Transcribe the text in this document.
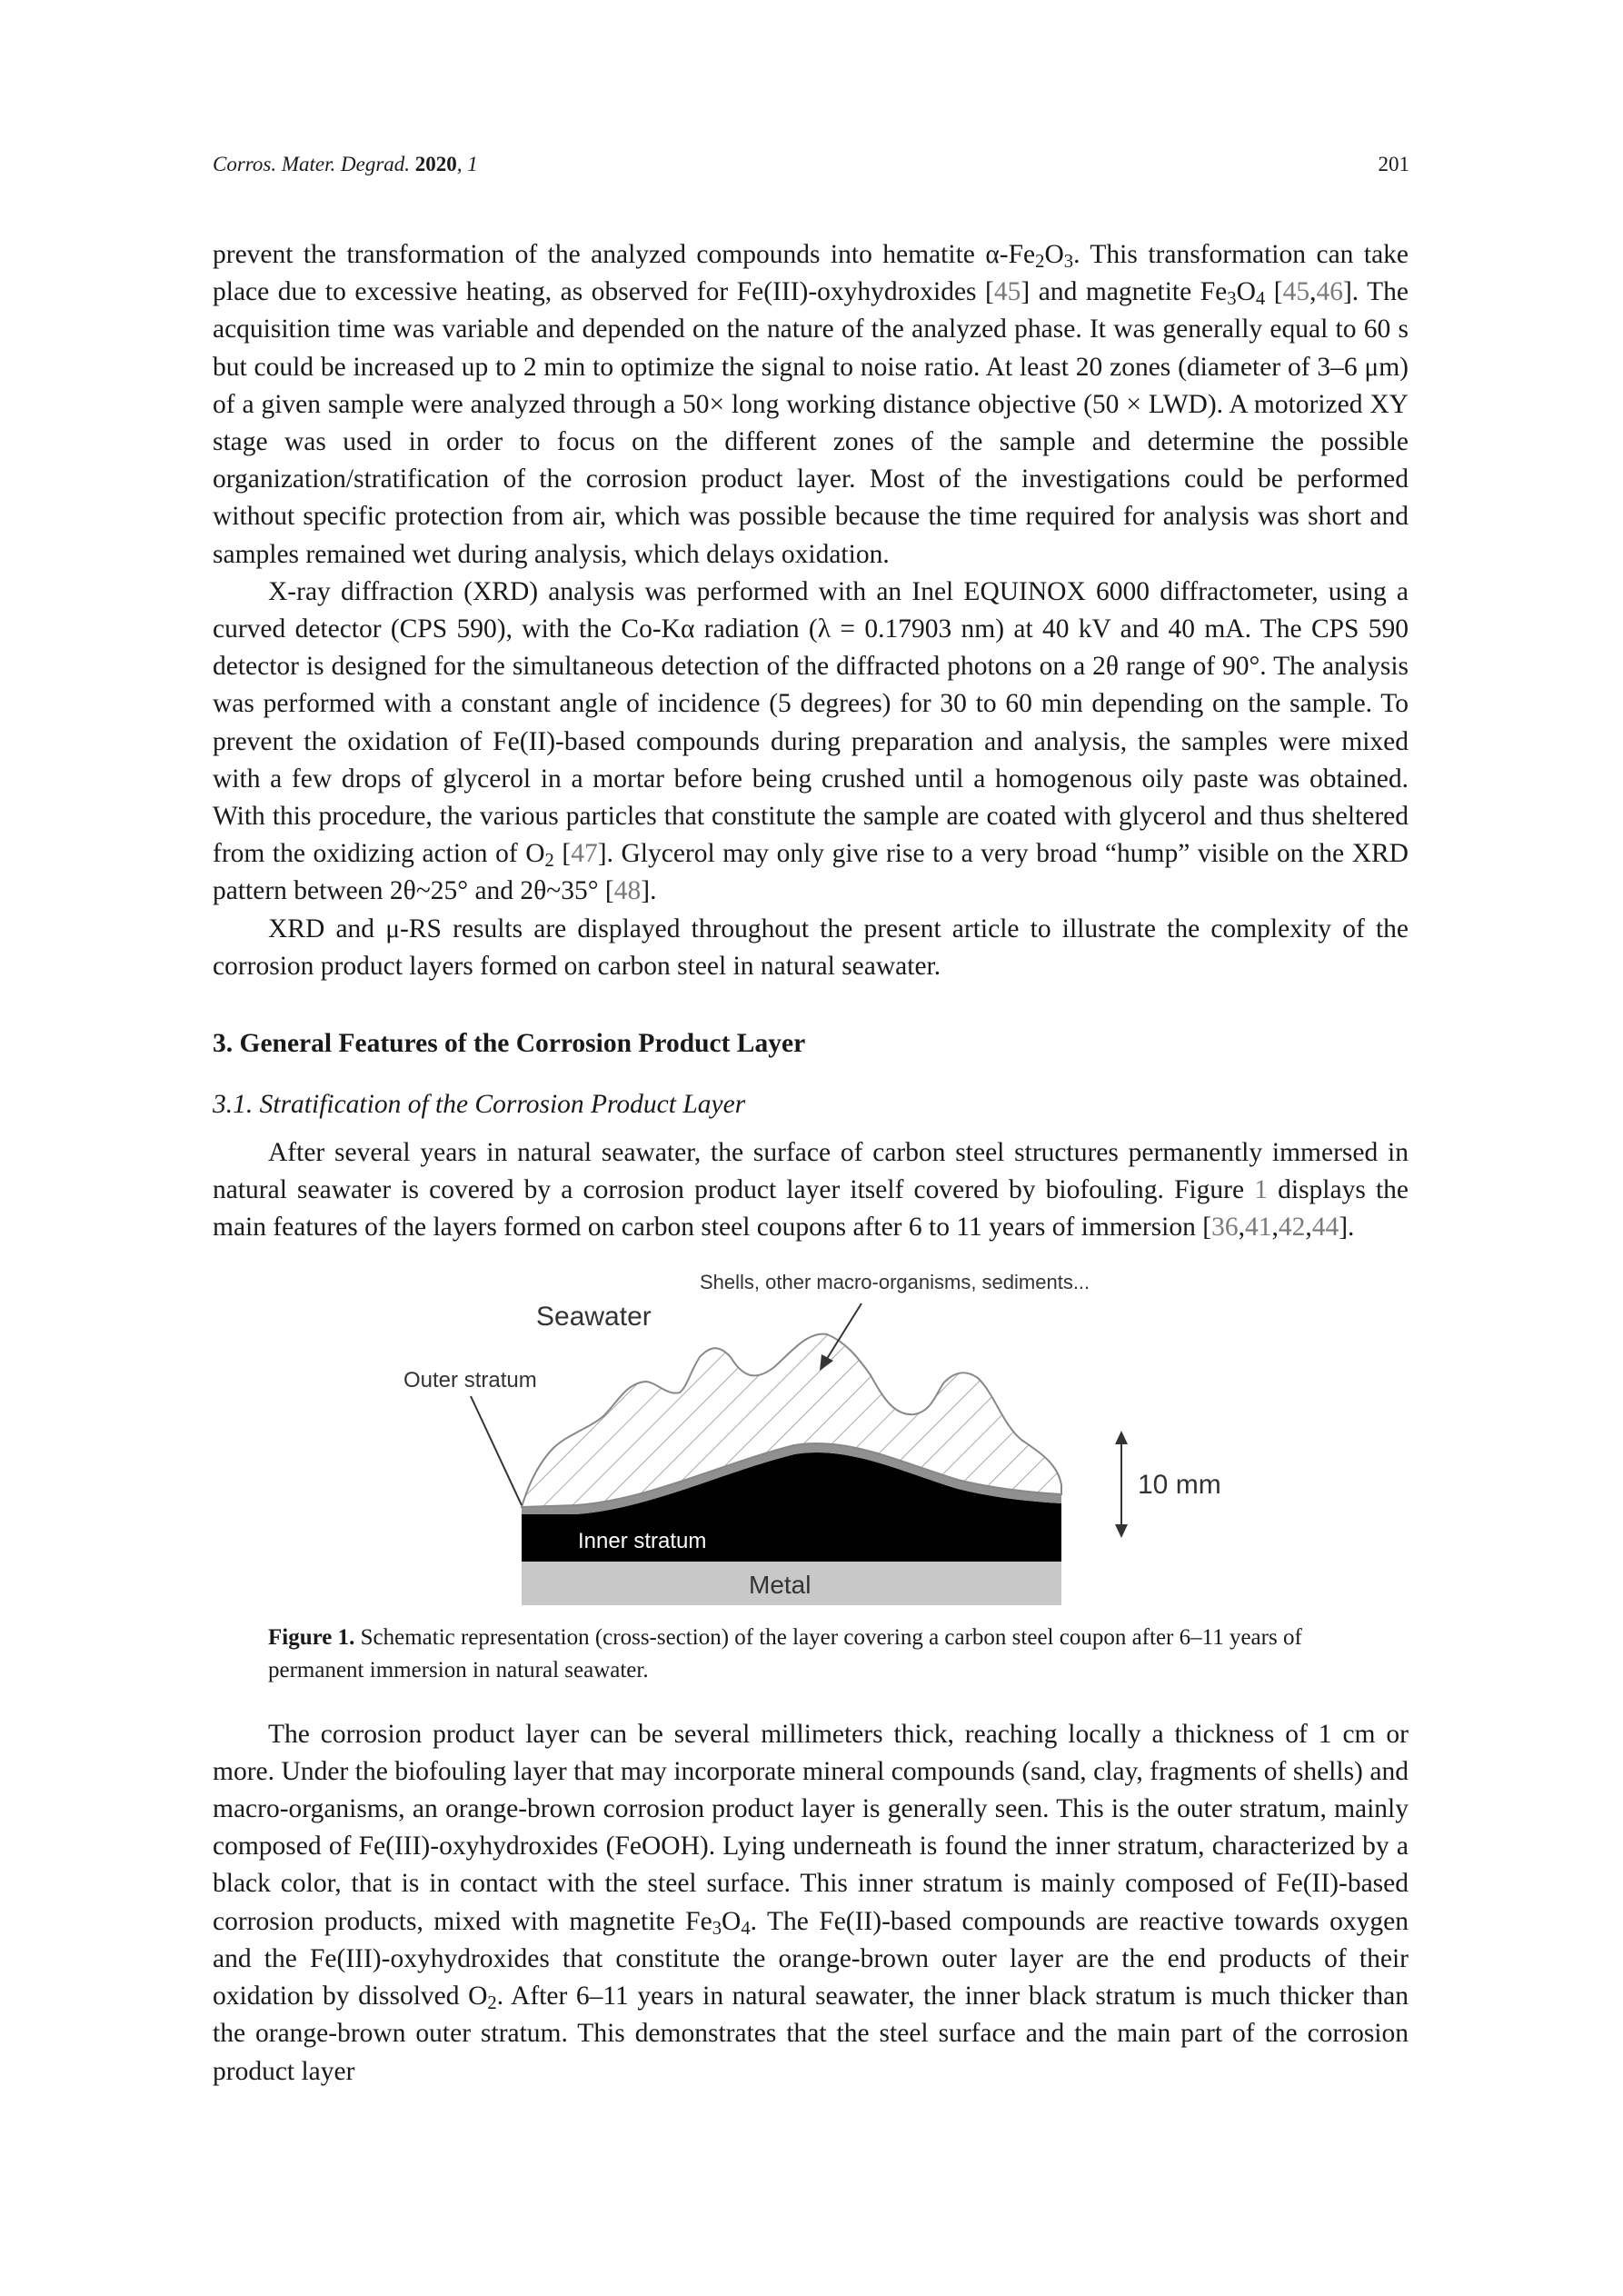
Corros. Mater. Degrad. 2020, 1	201

prevent the transformation of the analyzed compounds into hematite $\alpha-Fe_2O_3$. This transformation can take place due to excessive heating, as observed for Fe(III)-oxyhydroxides [45] and magnetite $Fe_3O_4$ [45,46]. The acquisition time was variable and depended on the nature of the analyzed phase. It was generally equal to 60 s but could be increased up to 2 min to optimize the signal to noise ratio. At least 20 zones (diameter of 3–6 μm) of a given sample were analyzed through a 50× long working distance objective (50 × LWD). A motorized XY stage was used in order to focus on the different zones of the sample and determine the possible organization/stratification of the corrosion product layer. Most of the investigations could be performed without specific protection from air, which was possible because the time required for analysis was short and samples remained wet during analysis, which delays oxidation.

X-ray diffraction (XRD) analysis was performed with an Inel EQUINOX 6000 diffractometer, using a curved detector (CPS 590), with the Co-Kα radiation (λ = 0.17903 nm) at 40 kV and 40 mA. The CPS 590 detector is designed for the simultaneous detection of the diffracted photons on a 2θ range of 90°. The analysis was performed with a constant angle of incidence (5 degrees) for 30 to 60 min depending on the sample. To prevent the oxidation of Fe(II)-based compounds during preparation and analysis, the samples were mixed with a few drops of glycerol in a mortar before being crushed until a homogenous oily paste was obtained. With this procedure, the various particles that constitute the sample are coated with glycerol and thus sheltered from the oxidizing action of $O_2$ [47]. Glycerol may only give rise to a very broad “hump” visible on the XRD pattern between 2θ~25° and 2θ~35° [48].

XRD and μ-RS results are displayed throughout the present article to illustrate the complexity of the corrosion product layers formed on carbon steel in natural seawater.

3. General Features of the Corrosion Product Layer
3.1. Stratification of the Corrosion Product Layer

After several years in natural seawater, the surface of carbon steel structures permanently immersed in natural seawater is covered by a corrosion product layer itself covered by biofouling. Figure 1 displays the main features of the layers formed on carbon steel coupons after 6 to 11 years of immersion [36,41,42,44].

Seawater
Shells, other macro-organisms, sediments...
Outer stratum
Inner stratum
Metal
10 mm
Figure 1. Schematic representation (cross-section) of the layer covering a carbon steel coupon after 6–11 years of permanent immersion in natural seawater.

The corrosion product layer can be several millimeters thick, reaching locally a thickness of 1 cm or more. Under the biofouling layer that may incorporate mineral compounds (sand, clay, fragments of shells) and macro-organisms, an orange-brown corrosion product layer is generally seen. This is the outer stratum, mainly composed of Fe(III)-oxyhydroxides (FeOOH). Lying underneath is found the inner stratum, characterized by a black color, that is in contact with the steel surface. This inner stratum is mainly composed of Fe(II)-based corrosion products, mixed with magnetite $Fe_3O_4$. The Fe(II)-based compounds are reactive towards oxygen and the Fe(III)-oxyhydroxides that constitute the orange-brown outer layer are the end products of their oxidation by dissolved $O_2$. After 6–11 years in natural seawater, the inner black stratum is much thicker than the orange-brown outer stratum. This demonstrates that the steel surface and the main part of the corrosion product layer
